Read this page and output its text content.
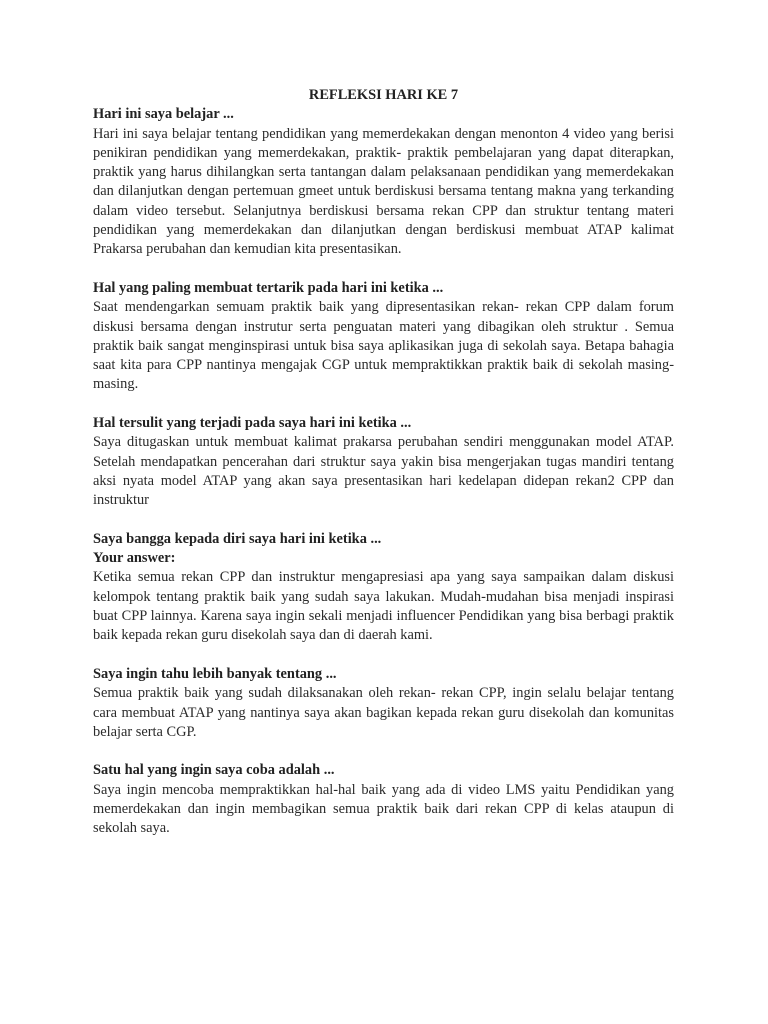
REFLEKSI HARI KE 7
Hari ini saya belajar ...

Hari ini saya belajar tentang pendidikan yang memerdekakan dengan menonton 4 video yang berisi penikiran pendidikan yang memerdekakan, praktik- praktik pembelajaran yang dapat diterapkan, praktik yang harus dihilangkan serta tantangan dalam pelaksanaan pendidikan yang memerdekakan dan dilanjutkan dengan pertemuan gmeet untuk berdiskusi bersama tentang makna yang terkanding dalam video tersebut. Selanjutnya berdiskusi bersama rekan CPP dan struktur tentang materi pendidikan yang memerdekakan dan dilanjutkan dengan berdiskusi membuat ATAP kalimat Prakarsa perubahan dan kemudian kita presentasikan.

Hal yang paling membuat tertarik pada hari ini ketika ...

Saat mendengarkan semuam praktik baik yang dipresentasikan rekan- rekan CPP dalam forum diskusi bersama dengan instrutur serta penguatan materi yang dibagikan oleh struktur . Semua praktik baik sangat menginspirasi untuk bisa saya aplikasikan juga di sekolah saya. Betapa bahagia saat kita para CPP nantinya mengajak CGP untuk mempraktikkan praktik baik di sekolah masing-masing.

Hal tersulit yang terjadi pada saya hari ini ketika ...

Saya ditugaskan untuk membuat kalimat prakarsa perubahan sendiri menggunakan model ATAP. Setelah mendapatkan pencerahan dari struktur saya yakin bisa mengerjakan tugas mandiri tentang aksi nyata model ATAP yang akan saya presentasikan hari kedelapan didepan rekan2 CPP dan instruktur

Saya bangga kepada diri saya hari ini ketika ...
Your answer:

Ketika semua rekan CPP dan instruktur mengapresiasi apa yang saya sampaikan dalam diskusi kelompok tentang praktik baik yang sudah saya lakukan. Mudah-mudahan bisa menjadi inspirasi buat CPP lainnya. Karena saya ingin sekali menjadi influencer Pendidikan yang bisa berbagi praktik baik kepada rekan guru disekolah saya dan di daerah kami.

Saya ingin tahu lebih banyak tentang ...

Semua praktik baik yang sudah dilaksanakan oleh rekan- rekan CPP, ingin selalu belajar tentang cara membuat ATAP yang nantinya saya akan bagikan kepada rekan guru disekolah dan komunitas belajar serta CGP.

Satu hal yang ingin saya coba adalah ...

Saya ingin mencoba mempraktikkan hal-hal baik yang ada di video LMS yaitu Pendidikan yang memerdekakan dan ingin membagikan semua praktik baik dari rekan CPP di kelas ataupun di sekolah saya.
